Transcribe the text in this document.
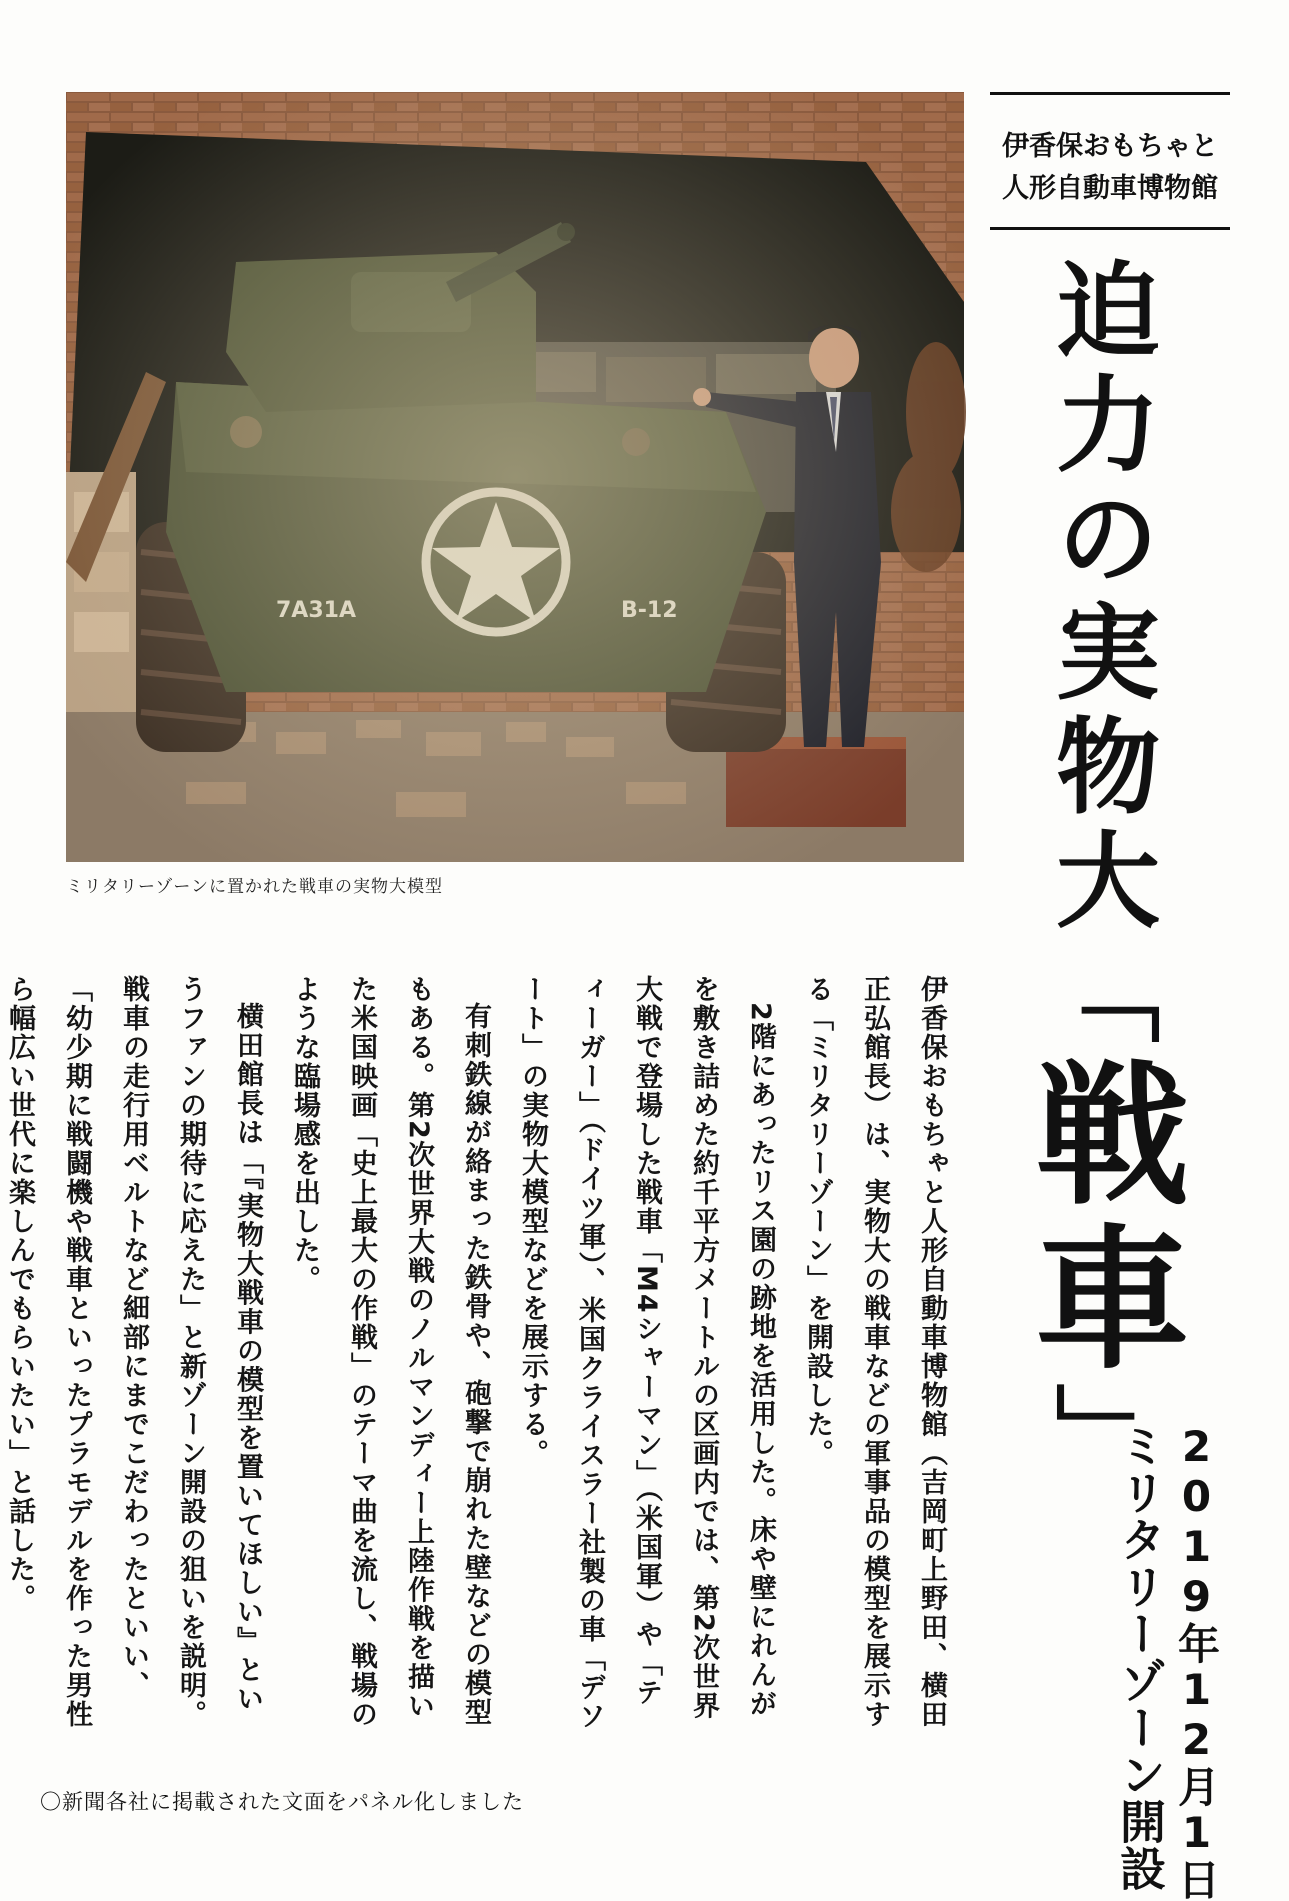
ミリタリーゾーンに置かれた戦車の実物大模型
伊香保おもちゃと
人形自動車博物館
迫力の実物大「戦車」 2019年12月1日
ミリタリーゾーン開設

伊香保おもちゃと人形自動車博物館（吉岡町上野田、横田正弘館長）は、実物大の戦車などの軍事品の模型を展示する「ミリタリーゾーン」を開設した。

2階にあったリス園の跡地を活用した。床や壁にれんがを敷き詰めた約千平方メートルの区画内では、第2次世界大戦で登場した戦車「M4シャーマン」（米国軍）や「ティーガー」（ドイツ軍）、米国クライスラー社製の車「デソート」の実物大模型などを展示する。

有刺鉄線が絡まった鉄骨や、砲撃で崩れた壁などの模型もある。第2次世界大戦のノルマンディー上陸作戦を描いた米国映画「史上最大の作戦」のテーマ曲を流し、戦場のような臨場感を出した。

横田館長は「『実物大戦車の模型を置いてほしい』というファンの期待に応えた」と新ゾーン開設の狙いを説明。戦車の走行用ベルトなど細部にまでこだわったといい、「幼少期に戦闘機や戦車といったプラモデルを作った男性ら幅広い世代に楽しんでもらいたい」と話した。

〇新聞各社に掲載された文面をパネル化しました
